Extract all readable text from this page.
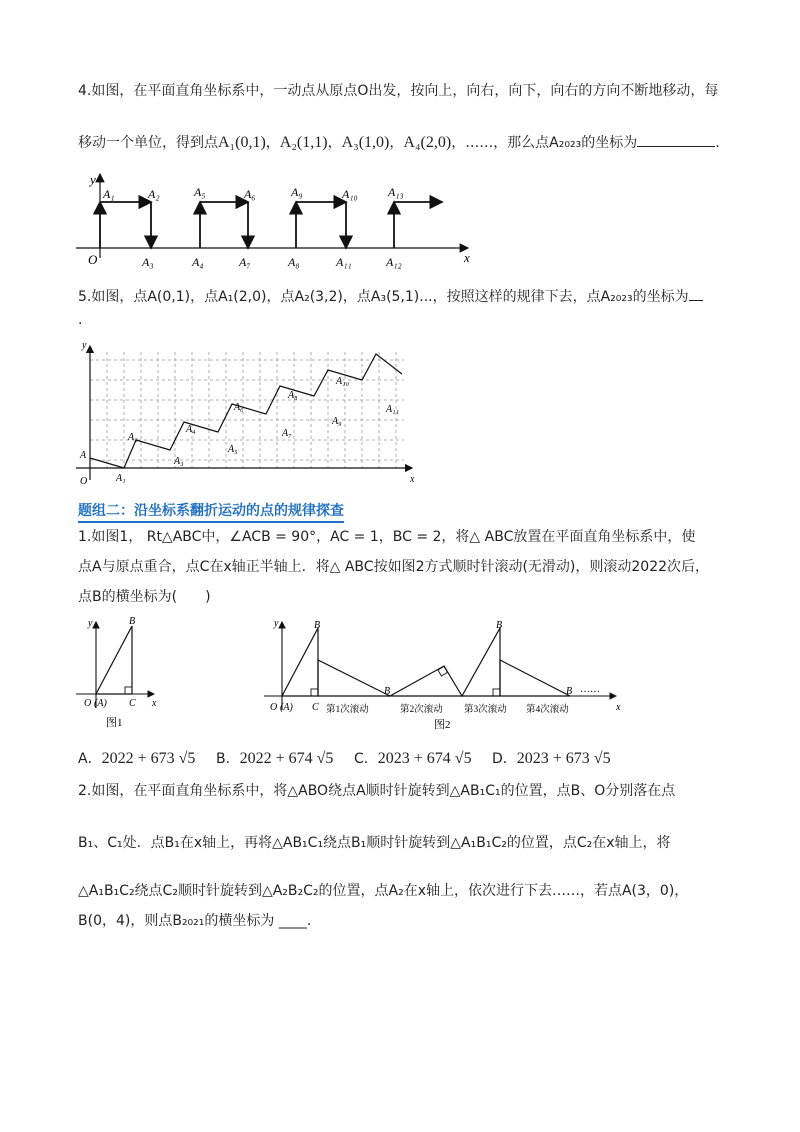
4.如图，在平面直角坐标系中，一动点从原点O出发，按向上，向右，向下，向右的方向不断地移动，每
移动一个单位，得到点A₁(0,1)，A₂(1,1)，A₃(1,0)，A₄(2,0)，……，那么点A₂₀₂₃的坐标为	.
y
x
O
A₁	A₂	A₅	A₆	A₉	A₁₀	A₁₃
A₃	A₄	A₇	A₈	A₁₁	A₁₂
5.如图，点A(0,1)，点A₁(2,0)，点A₂(3,2)，点A₃(5,1)...，按照这样的规律下去，点A₂₀₂₃的坐标为
.
y
x
O
A
A₁
A₂
A₃
A₄
A₅
A₆
A₇
A₈
A₉
A₁₀
A₁₁
题组二：沿坐标系翻折运动的点的规律探查
1.如图1， Rt△ABC中，∠ACB = 90°，AC = 1，BC = 2，将△ ABC放置在平面直角坐标系中，使
点A与原点重合，点C在x轴正半轴上．将△ ABC按如图2方式顺时针滚动(无滑动)，则滚动2022次后，
点B的横坐标为(　　)
y
x
B
C
O (A)
图1
y
x
B
B
B
B
O (A) C
……
第1次滚动	第2次滚动 第3次滚动 第4次滚动
图2
A．2022 + 673 √5 B．2022 + 674 √5 C．2023 + 674 √5 D．2023 + 673 √5
2.如图，在平面直角坐标系中，将△ABO绕点A顺时针旋转到△AB₁C₁的位置，点B、O分别落在点
B₁、C₁处．点B₁在x轴上，再将△AB₁C₁绕点B₁顺时针旋转到△A₁B₁C₂的位置，点C₂在x轴上，将
△A₁B₁C₂绕点C₂顺时针旋转到△A₂B₂C₂的位置，点A₂在x轴上，依次进行下去……，若点A(3，0)，
B(0，4)，则点B₂₀₂₁的横坐标为 ____.
